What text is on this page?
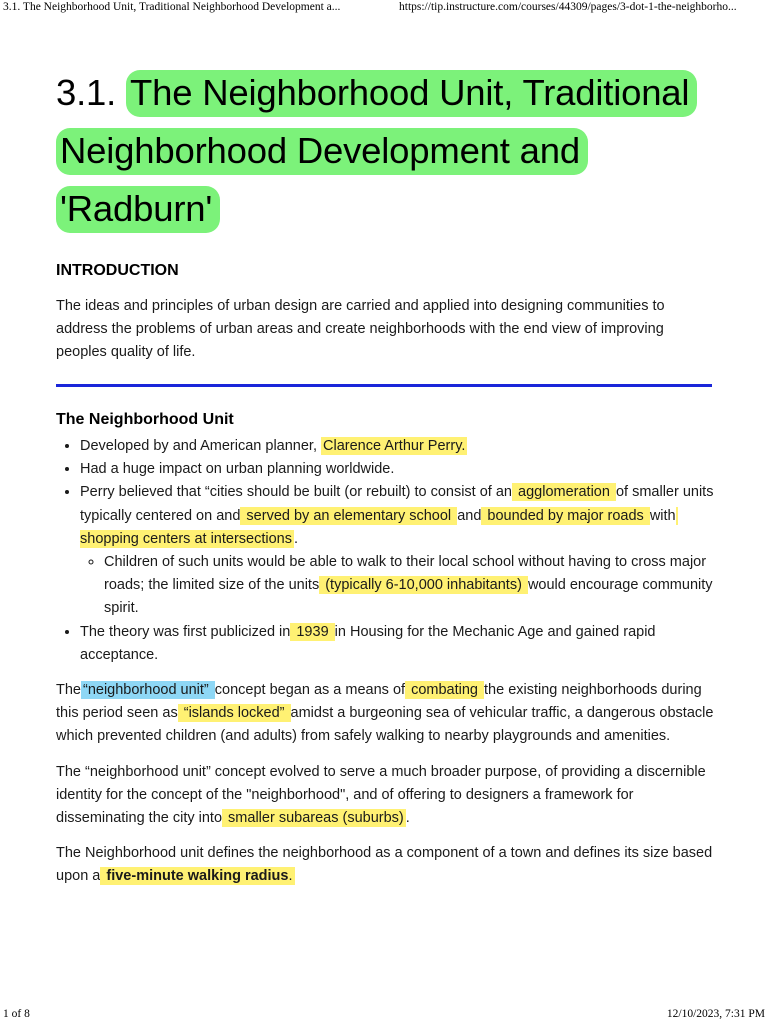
3.1. The Neighborhood Unit, Traditional Neighborhood Development a...	https://tip.instructure.com/courses/44309/pages/3-dot-1-the-neighborho...
3.1. The Neighborhood Unit, Traditional Neighborhood Development and 'Radburn'
INTRODUCTION

The ideas and principles of urban design are carried and applied into designing communities to address the problems of urban areas and create neighborhoods with the end view of improving peoples quality of life.

The Neighborhood Unit
• Developed by and American planner, Clarence Arthur Perry.
• Had a huge impact on urban planning worldwide.
• Perry believed that “cities should be built (or rebuilt) to consist of an agglomeration of smaller units typically centered on and served by an elementary school and bounded by major roads with shopping centers at intersections .
◦ Children of such units would be able to walk to their local school without having to cross major roads; the limited size of the units (typically 6-10,000 inhabitants) would encourage community spirit.
• The theory was first publicized in 1939 in Housing for the Mechanic Age and gained rapid acceptance.

The “neighborhood unit” concept began as a means of combating the existing neighborhoods during this period seen as “islands locked” amidst a burgeoning sea of vehicular traffic, a dangerous obstacle which prevented children (and adults) from safely walking to nearby playgrounds and amenities.

The “neighborhood unit” concept evolved to serve a much broader purpose, of providing a discernible identity for the concept of the "neighborhood", and of offering to designers a framework for disseminating the city into smaller subareas (suburbs) .

The Neighborhood unit defines the neighborhood as a component of a town and defines its size based upon a five-minute walking radius.

1 of 8	12/10/2023, 7:31 PM
